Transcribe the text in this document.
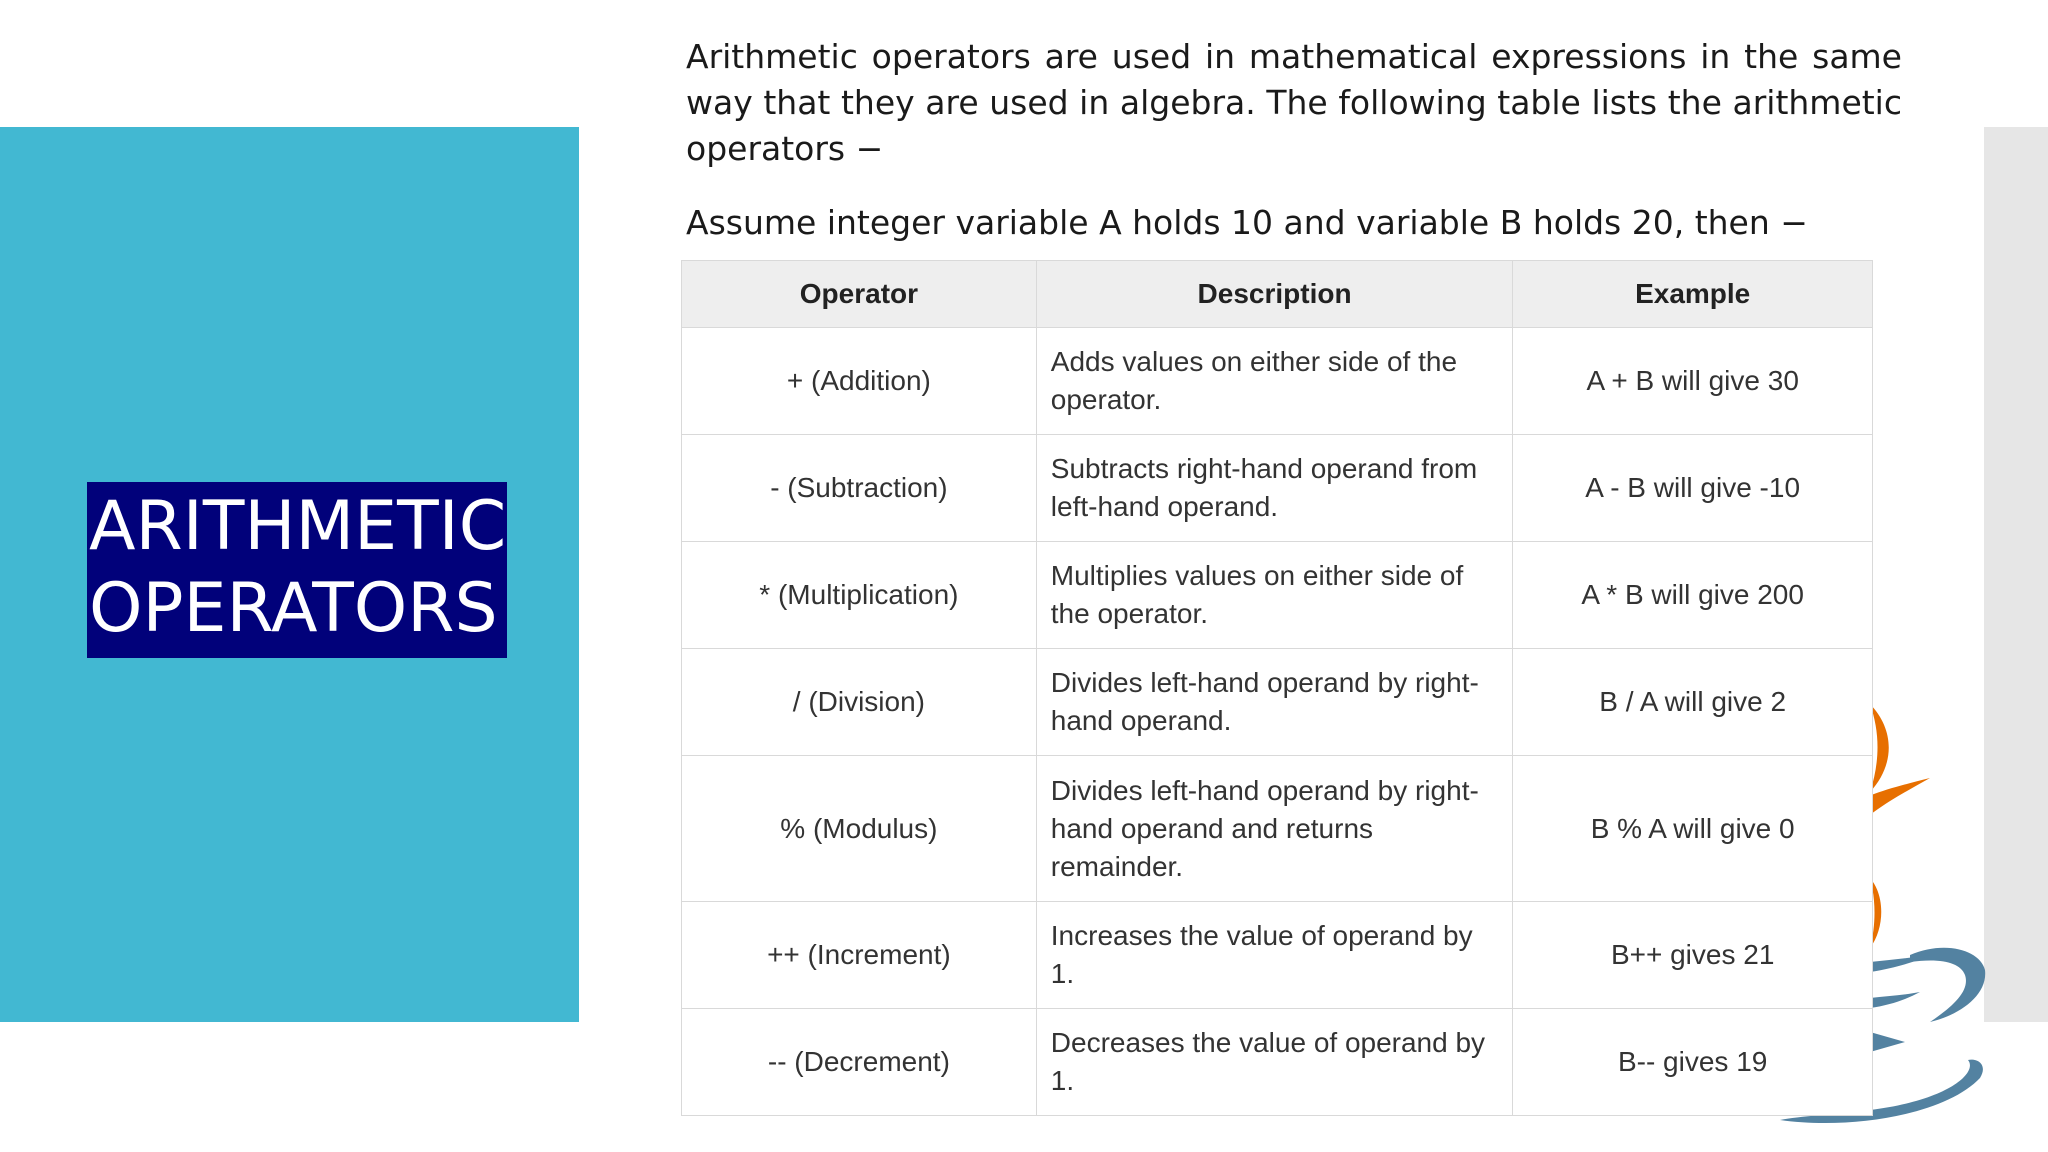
ARITHMETIC
OPERATORS

Arithmetic operators are used in mathematical expressions in the same way that they are used in algebra. The following table lists the arithmetic operators −

Assume integer variable A holds 10 and variable B holds 20, then −

Operator	Description	Example
+ (Addition)	Adds values on either side of the operator.	A + B will give 30
- (Subtraction)	Subtracts right-hand operand from left-hand operand.	A - B will give -10
* (Multiplication)	Multiplies values on either side of the operator.	A * B will give 200
/ (Division)	Divides left-hand operand by right-hand operand.	B / A will give 2
% (Modulus)	Divides left-hand operand by right-hand operand and returns remainder.	B % A will give 0
++ (Increment)	Increases the value of operand by 1.	B++ gives 21
-- (Decrement)	Decreases the value of operand by 1.	B-- gives 19
